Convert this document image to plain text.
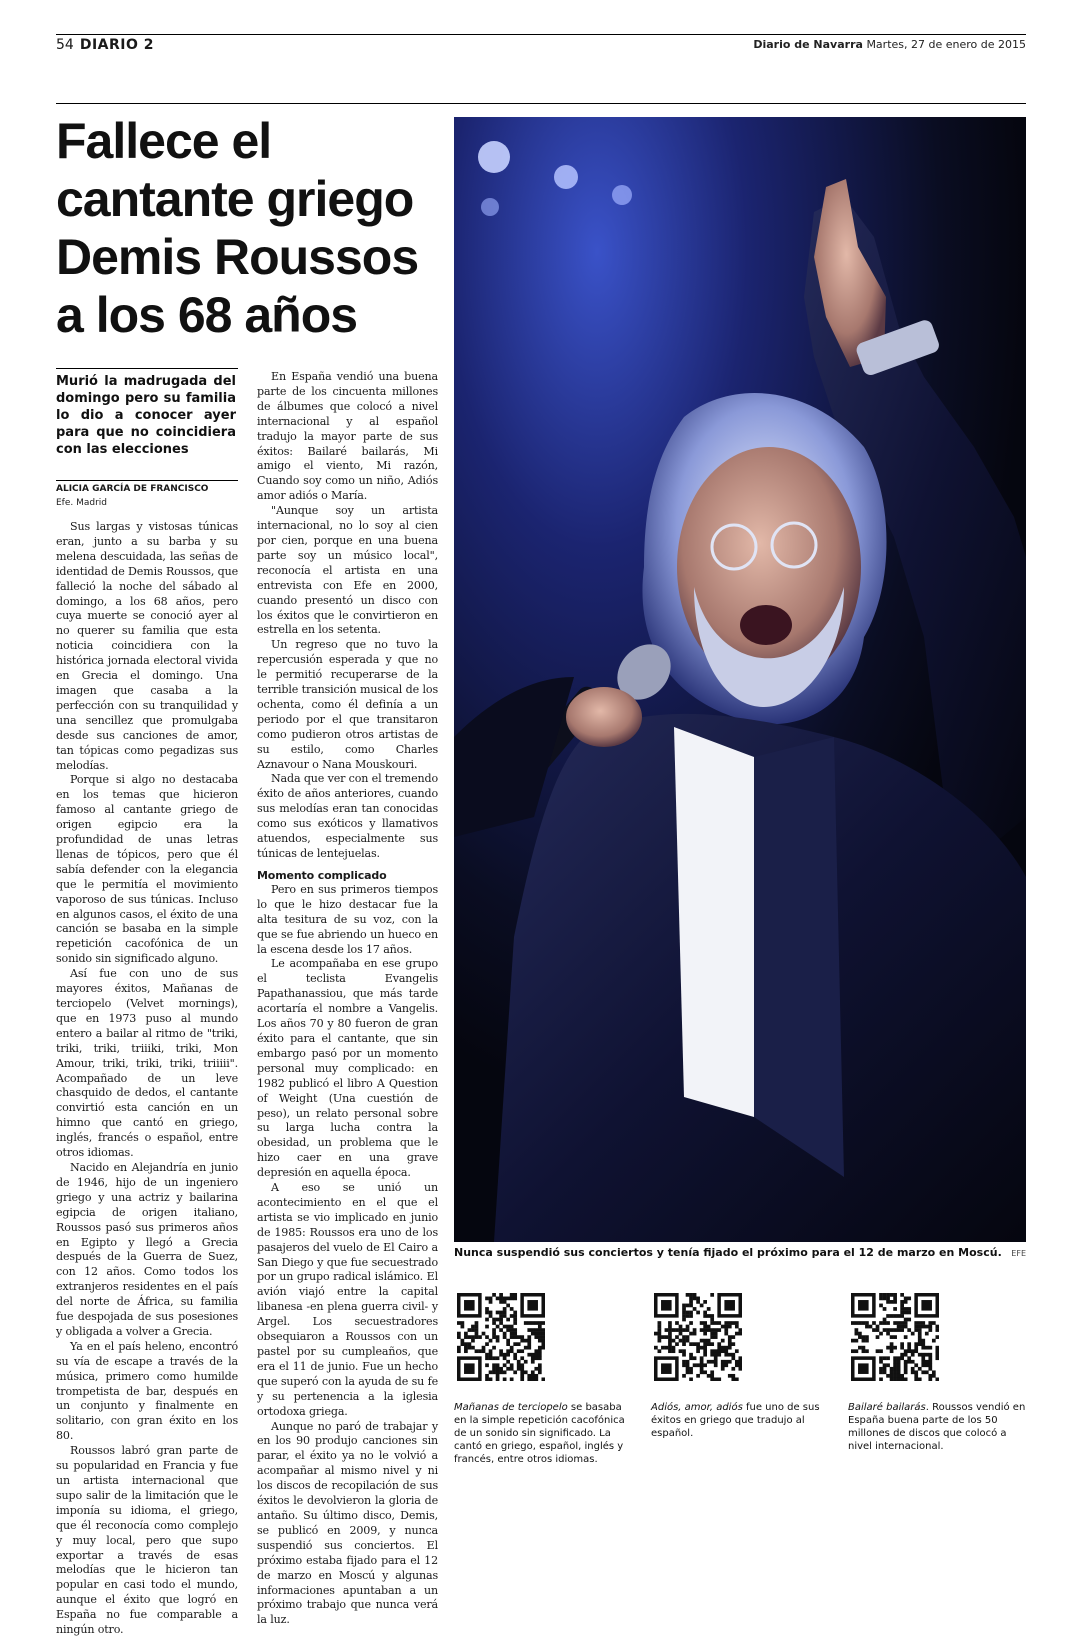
54 DIARIO 2	Diario de Navarra Martes, 27 de enero de 2015
Fallece el
cantante griego
Demis Roussos
a los 68 años
Nunca suspendió sus conciertos y tenía fijado el próximo para el 12 de marzo en Moscú.	EFE
Murió la madrugada del domingo pero su familia lo dio a conocer ayer para que no coincidiera con las elecciones
ALICIA GARCÍA DE FRANCISCO
Efe. Madrid

Sus largas y vistosas túnicas eran, junto a su barba y su melena descuidada, las señas de identidad de Demis Roussos, que falleció la noche del sábado al domingo, a los 68 años, pero cuya muerte se conoció ayer al no querer su familia que esta noticia coincidiera con la histórica jornada electoral vivida en Grecia el domingo. Una imagen que casaba a la perfección con su tranquilidad y una sencillez que promulgaba desde sus canciones de amor, tan tópicas como pegadizas sus melodías.

Porque si algo no destacaba en los temas que hicieron famoso al cantante griego de origen egipcio era la profundidad de unas letras llenas de tópicos, pero que él sabía defender con la elegancia que le permitía el movimiento vaporoso de sus túnicas. Incluso en algunos casos, el éxito de una canción se basaba en la simple repetición cacofónica de un sonido sin significado alguno.

Así fue con uno de sus mayores éxitos, Mañanas de terciopelo (Velvet mornings), que en 1973 puso al mundo entero a bailar al ritmo de "triki, triki, triki, triiiki, triki, Mon Amour, triki, triki, triki, triiiii". Acompañado de un leve chasquido de dedos, el cantante convirtió esta canción en un himno que cantó en griego, inglés, francés o español, entre otros idiomas.

Nacido en Alejandría en junio de 1946, hijo de un ingeniero griego y una actriz y bailarina egipcia de origen italiano, Roussos pasó sus primeros años en Egipto y llegó a Grecia después de la Guerra de Suez, con 12 años. Como todos los extranjeros residentes en el país del norte de África, su familia fue despojada de sus posesiones y obligada a volver a Grecia.

Ya en el país heleno, encontró su vía de escape a través de la música, primero como humilde trompetista de bar, después en un conjunto y finalmente en solitario, con gran éxito en los 80.

Roussos labró gran parte de su popularidad en Francia y fue un artista internacional que supo salir de la limitación que le imponía su idioma, el griego, que él reconocía como complejo y muy local, pero que supo exportar a través de esas melodías que le hicieron tan popular en casi todo el mundo, aunque el éxito que logró en España no fue comparable a ningún otro.

En España vendió una buena parte de los cincuenta millones de álbumes que colocó a nivel internacional y al español tradujo la mayor parte de sus éxitos: Bailaré bailarás, Mi amigo el viento, Mi razón, Cuando soy como un niño, Adiós amor adiós o María.

"Aunque soy un artista internacional, no lo soy al cien por cien, porque en una buena parte soy un músico local", reconocía el artista en una entrevista con Efe en 2000, cuando presentó un disco con los éxitos que le convirtieron en estrella en los setenta.

Un regreso que no tuvo la repercusión esperada y que no le permitió recuperarse de la terrible transición musical de los ochenta, como él definía a un periodo por el que transitaron como pudieron otros artistas de su estilo, como Charles Aznavour o Nana Mouskouri.

Nada que ver con el tremendo éxito de años anteriores, cuando sus melodías eran tan conocidas como sus exóticos y llamativos atuendos, especialmente sus túnicas de lentejuelas.

Momento complicado

Pero en sus primeros tiempos lo que le hizo destacar fue la alta tesitura de su voz, con la que se fue abriendo un hueco en la escena desde los 17 años.

Le acompañaba en ese grupo el teclista Evangelis Papathanassiou, que más tarde acortaría el nombre a Vangelis. Los años 70 y 80 fueron de gran éxito para el cantante, que sin embargo pasó por un momento personal muy complicado: en 1982 publicó el libro A Question of Weight (Una cuestión de peso), un relato personal sobre su larga lucha contra la obesidad, un problema que le hizo caer en una grave depresión en aquella época.

A eso se unió un acontecimiento en el que el artista se vio implicado en junio de 1985: Roussos era uno de los pasajeros del vuelo de El Cairo a San Diego y que fue secuestrado por un grupo radical islámico. El avión viajó entre la capital libanesa -en plena guerra civil- y Argel. Los secuestradores obsequiaron a Roussos con un pastel por su cumpleaños, que era el 11 de junio. Fue un hecho que superó con la ayuda de su fe y su pertenencia a la iglesia ortodoxa griega.

Aunque no paró de trabajar y en los 90 produjo canciones sin parar, el éxito ya no le volvió a acompañar al mismo nivel y ni los discos de recopilación de sus éxitos le devolvieron la gloria de antaño. Su último disco, Demis, se publicó en 2009, y nunca suspendió sus conciertos. El próximo estaba fijado para el 12 de marzo en Moscú y algunas informaciones apuntaban a un próximo trabajo que nunca verá la luz.

Mañanas de terciopelo se basaba en la simple repetición cacofónica de un sonido sin significado. La cantó en griego, español, inglés y francés, entre otros idiomas.
Adiós, amor, adiós fue uno de sus éxitos en griego que tradujo al español.
Bailaré bailarás. Roussos vendió en España buena parte de los 50 millones de discos que colocó a nivel internacional.
